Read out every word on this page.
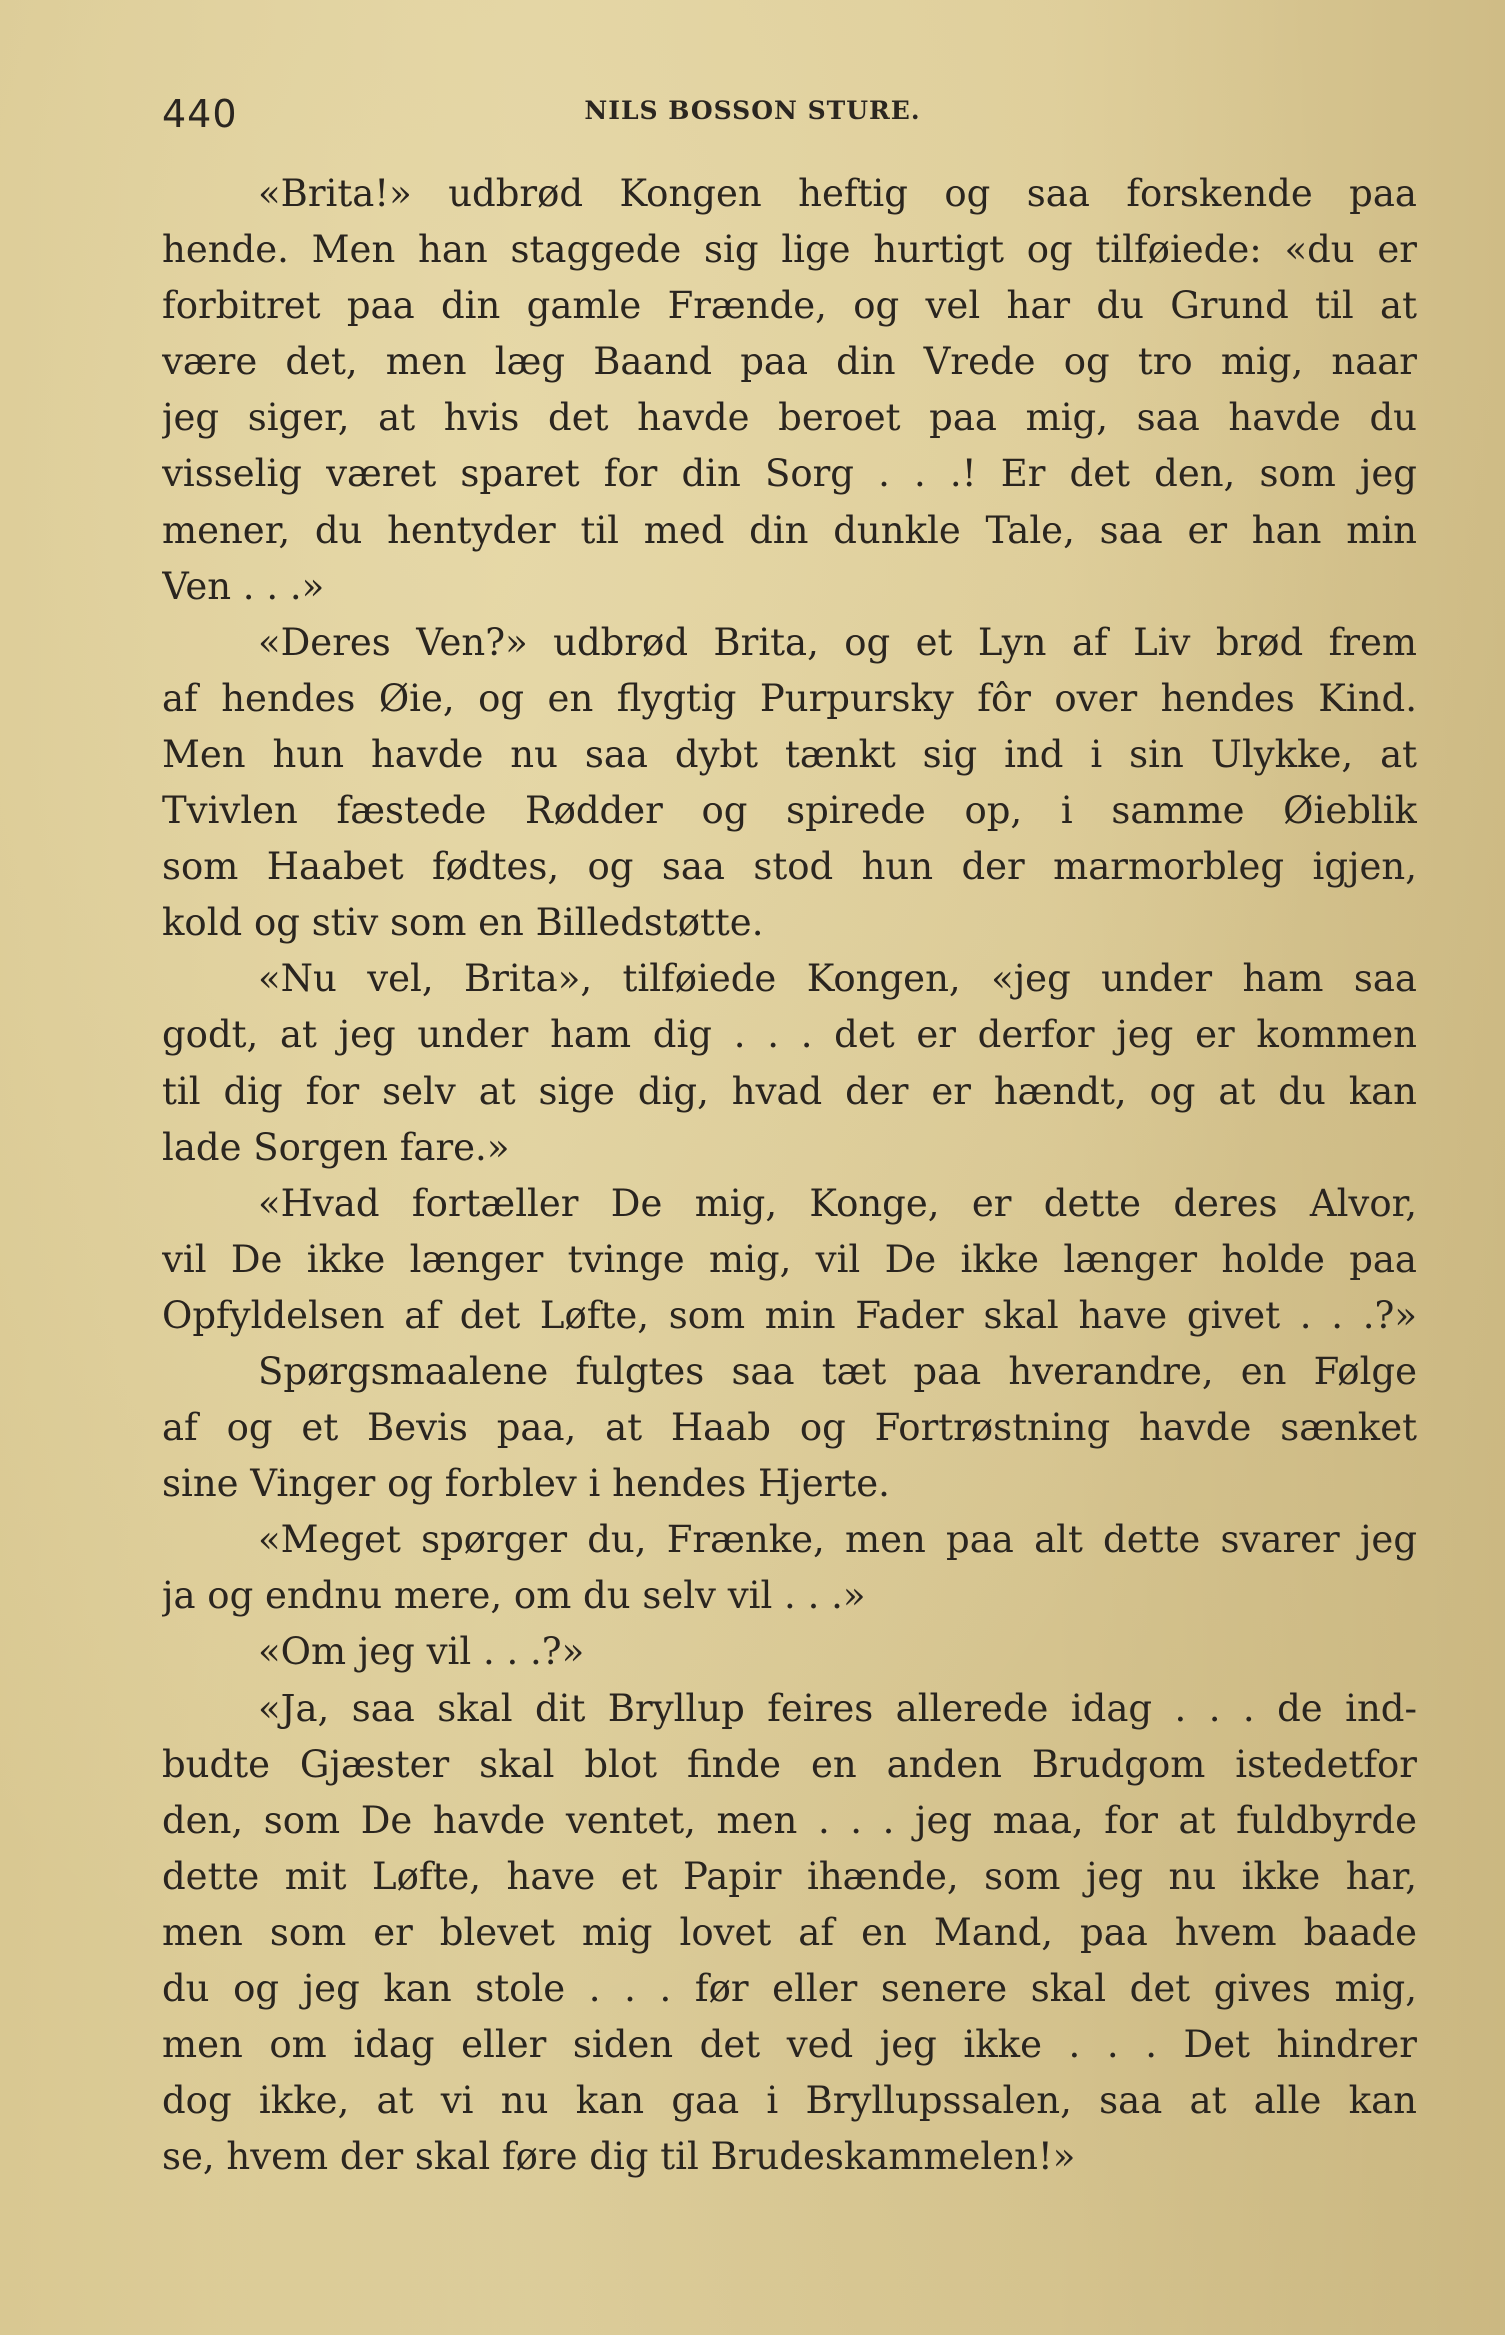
440	NILS BOSSON STURE.
«Brita!» udbrød Kongen heftig og saa forskende paa
hende. Men han staggede sig lige hurtigt og tilføiede: «du er
forbitret paa din gamle Frænde, og vel har du Grund til at
være det, men læg Baand paa din Vrede og tro mig, naar
jeg siger, at hvis det havde beroet paa mig, saa havde du
visselig været sparet for din Sorg . . .! Er det den, som jeg
mener, du hentyder til med din dunkle Tale, saa er han min
Ven . . .»
«Deres Ven?» udbrød Brita, og et Lyn af Liv brød frem
af hendes Øie, og en flygtig Purpursky fôr over hendes Kind.
Men hun havde nu saa dybt tænkt sig ind i sin Ulykke, at
Tvivlen fæstede Rødder og spirede op, i samme Øieblik
som Haabet fødtes, og saa stod hun der marmorbleg igjen,
kold og stiv som en Billedstøtte.
«Nu vel, Brita», tilføiede Kongen, «jeg under ham saa
godt, at jeg under ham dig . . . det er derfor jeg er kommen
til dig for selv at sige dig, hvad der er hændt, og at du kan
lade Sorgen fare.»
«Hvad fortæller De mig, Konge, er dette deres Alvor,
vil De ikke længer tvinge mig, vil De ikke længer holde paa
Opfyldelsen af det Løfte, som min Fader skal have givet . . .?»
Spørgsmaalene fulgtes saa tæt paa hverandre, en Følge
af og et Bevis paa, at Haab og Fortrøstning havde sænket
sine Vinger og forblev i hendes Hjerte.
«Meget spørger du, Frænke, men paa alt dette svarer jeg
ja og endnu mere, om du selv vil . . .»
«Om jeg vil . . .?»
«Ja, saa skal dit Bryllup feires allerede idag . . . de ind-
budte Gjæster skal blot finde en anden Brudgom istedetfor
den, som De havde ventet, men . . . jeg maa, for at fuldbyrde
dette mit Løfte, have et Papir ihænde, som jeg nu ikke har,
men som er blevet mig lovet af en Mand, paa hvem baade
du og jeg kan stole . . . før eller senere skal det gives mig,
men om idag eller siden det ved jeg ikke . . . Det hindrer
dog ikke, at vi nu kan gaa i Bryllupssalen, saa at alle kan
se, hvem der skal føre dig til Brudeskammelen!»
